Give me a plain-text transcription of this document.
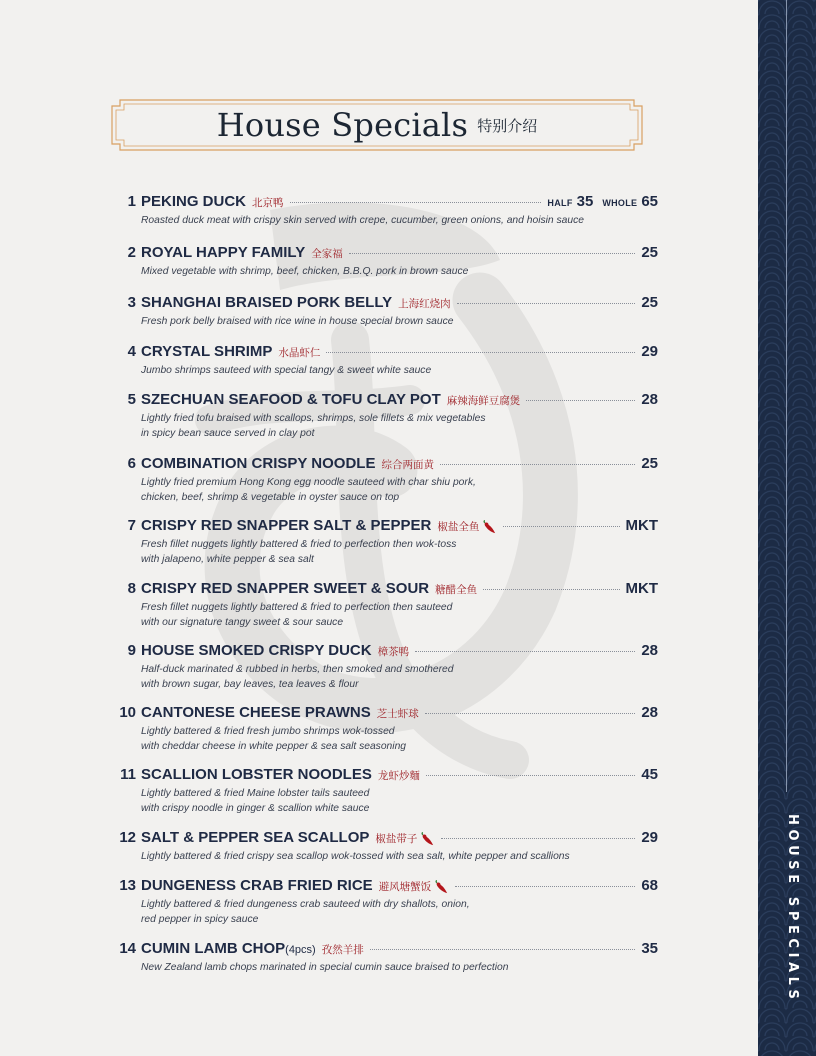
House Specials 特别介绍
1 PEKING DUCK 北京鸭	HALF 35 WHOLE 65
Roasted duck meat with crispy skin served with crepe, cucumber, green onions, and hoisin sauce
2 ROYAL HAPPY FAMILY 全家福	25
Mixed vegetable with shrimp, beef, chicken, B.B.Q. pork in brown sauce
3 SHANGHAI BRAISED PORK BELLY 上海红烧肉	25
Fresh pork belly braised with rice wine in house special brown sauce
4 CRYSTAL SHRIMP 水晶虾仁	29
Jumbo shrimps sauteed with special tangy & sweet white sauce
5 SZECHUAN SEAFOOD & TOFU CLAY POT 麻辣海鲜豆腐煲	28
Lightly fried tofu braised with scallops, shrimps, sole fillets & mix vegetables
in spicy bean sauce served in clay pot
6 COMBINATION CRISPY NOODLE 综合两面黄	25
Lightly fried premium Hong Kong egg noodle sauteed with char shiu pork,
chicken, beef, shrimp & vegetable in oyster sauce on top
7 CRISPY RED SNAPPER SALT & PEPPER 椒盐全鱼	MKT
Fresh fillet nuggets lightly battered & fried to perfection then wok-toss
with jalapeno, white pepper & sea salt
8 CRISPY RED SNAPPER SWEET & SOUR 糖醋全鱼	MKT
Fresh fillet nuggets lightly battered & fried to perfection then sauteed
with our signature tangy sweet & sour sauce
9 HOUSE SMOKED CRISPY DUCK 樟茶鸭	28
Half-duck marinated & rubbed in herbs, then smoked and smothered
with brown sugar, bay leaves, tea leaves & flour
10 CANTONESE CHEESE PRAWNS 芝士虾球	28
Lightly battered & fried fresh jumbo shrimps wok-tossed
with cheddar cheese in white pepper & sea salt seasoning
11 SCALLION LOBSTER NOODLES 龙虾炒麵	45
Lightly battered & fried Maine lobster tails sauteed
with crispy noodle in ginger & scallion white sauce
12 SALT & PEPPER SEA SCALLOP 椒盐带子	29
Lightly battered & fried crispy sea scallop wok-tossed with sea salt, white pepper and scallions
13 DUNGENESS CRAB FRIED RICE 避风塘蟹饭	68
Lightly battered & fried dungeness crab sauteed with dry shallots, onion,
red pepper in spicy sauce
14 CUMIN LAMB CHOP(4pcs) 孜然羊排	35
New Zealand lamb chops marinated in special cumin sauce braised to perfection	HOUSE SPECIALS
